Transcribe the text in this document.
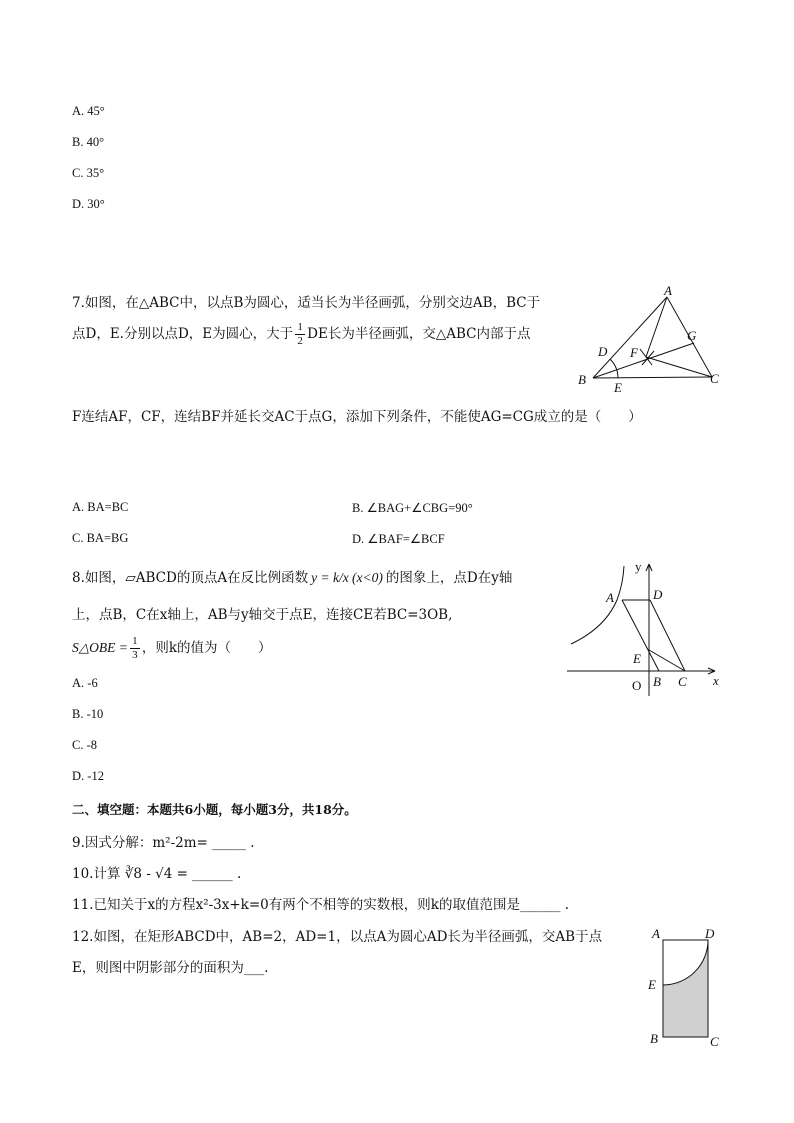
A. 45°
B. 40°
C. 35°
D. 30°
7.如图，在△ABC中，以点B为圆心，适当长为半径画弧，分别交边AB，BC于
点D，E.分别以点D，E为圆心，大于 $\frac{1}{2}$ DE长为半径画弧，交△ABC内部于点
F连结AF，CF，连结BF并延长交AC于点G，添加下列条件，不能使AG=CG成立的是（　　）
A
B	C
D
E
F
G
A. BA=BC	B. ∠BAG+∠CBG=90°
C. BA=BG	D. ∠BAF=∠BCF
8.如图，▱ABCD的顶点A在反比例函数 y = k/x (x<0) 的图象上，点D在y轴
上，点B，C在x轴上，AB与y轴交于点E，连接CE若BC=3OB,
S△OBE = $\frac{1}{3}$ ，则k的值为（　　）
y
x
A	D
E
O B C
A. -6
B. -10
C. -8
D. -12
二、填空题：本题共6小题，每小题3分，共18分。
9.因式分解：m²-2m= _____ .
10.计算 ∛8 - √4 = ______ .
11.已知关于x的方程x²-3x+k=0有两个不相等的实数根，则k的取值范围是______ .
12.如图，在矩形ABCD中，AB=2，AD=1，以点A为圆心AD长为半径画弧，交AB于点
E，则图中阴影部分的面积为___.
A	D
E
B	C
